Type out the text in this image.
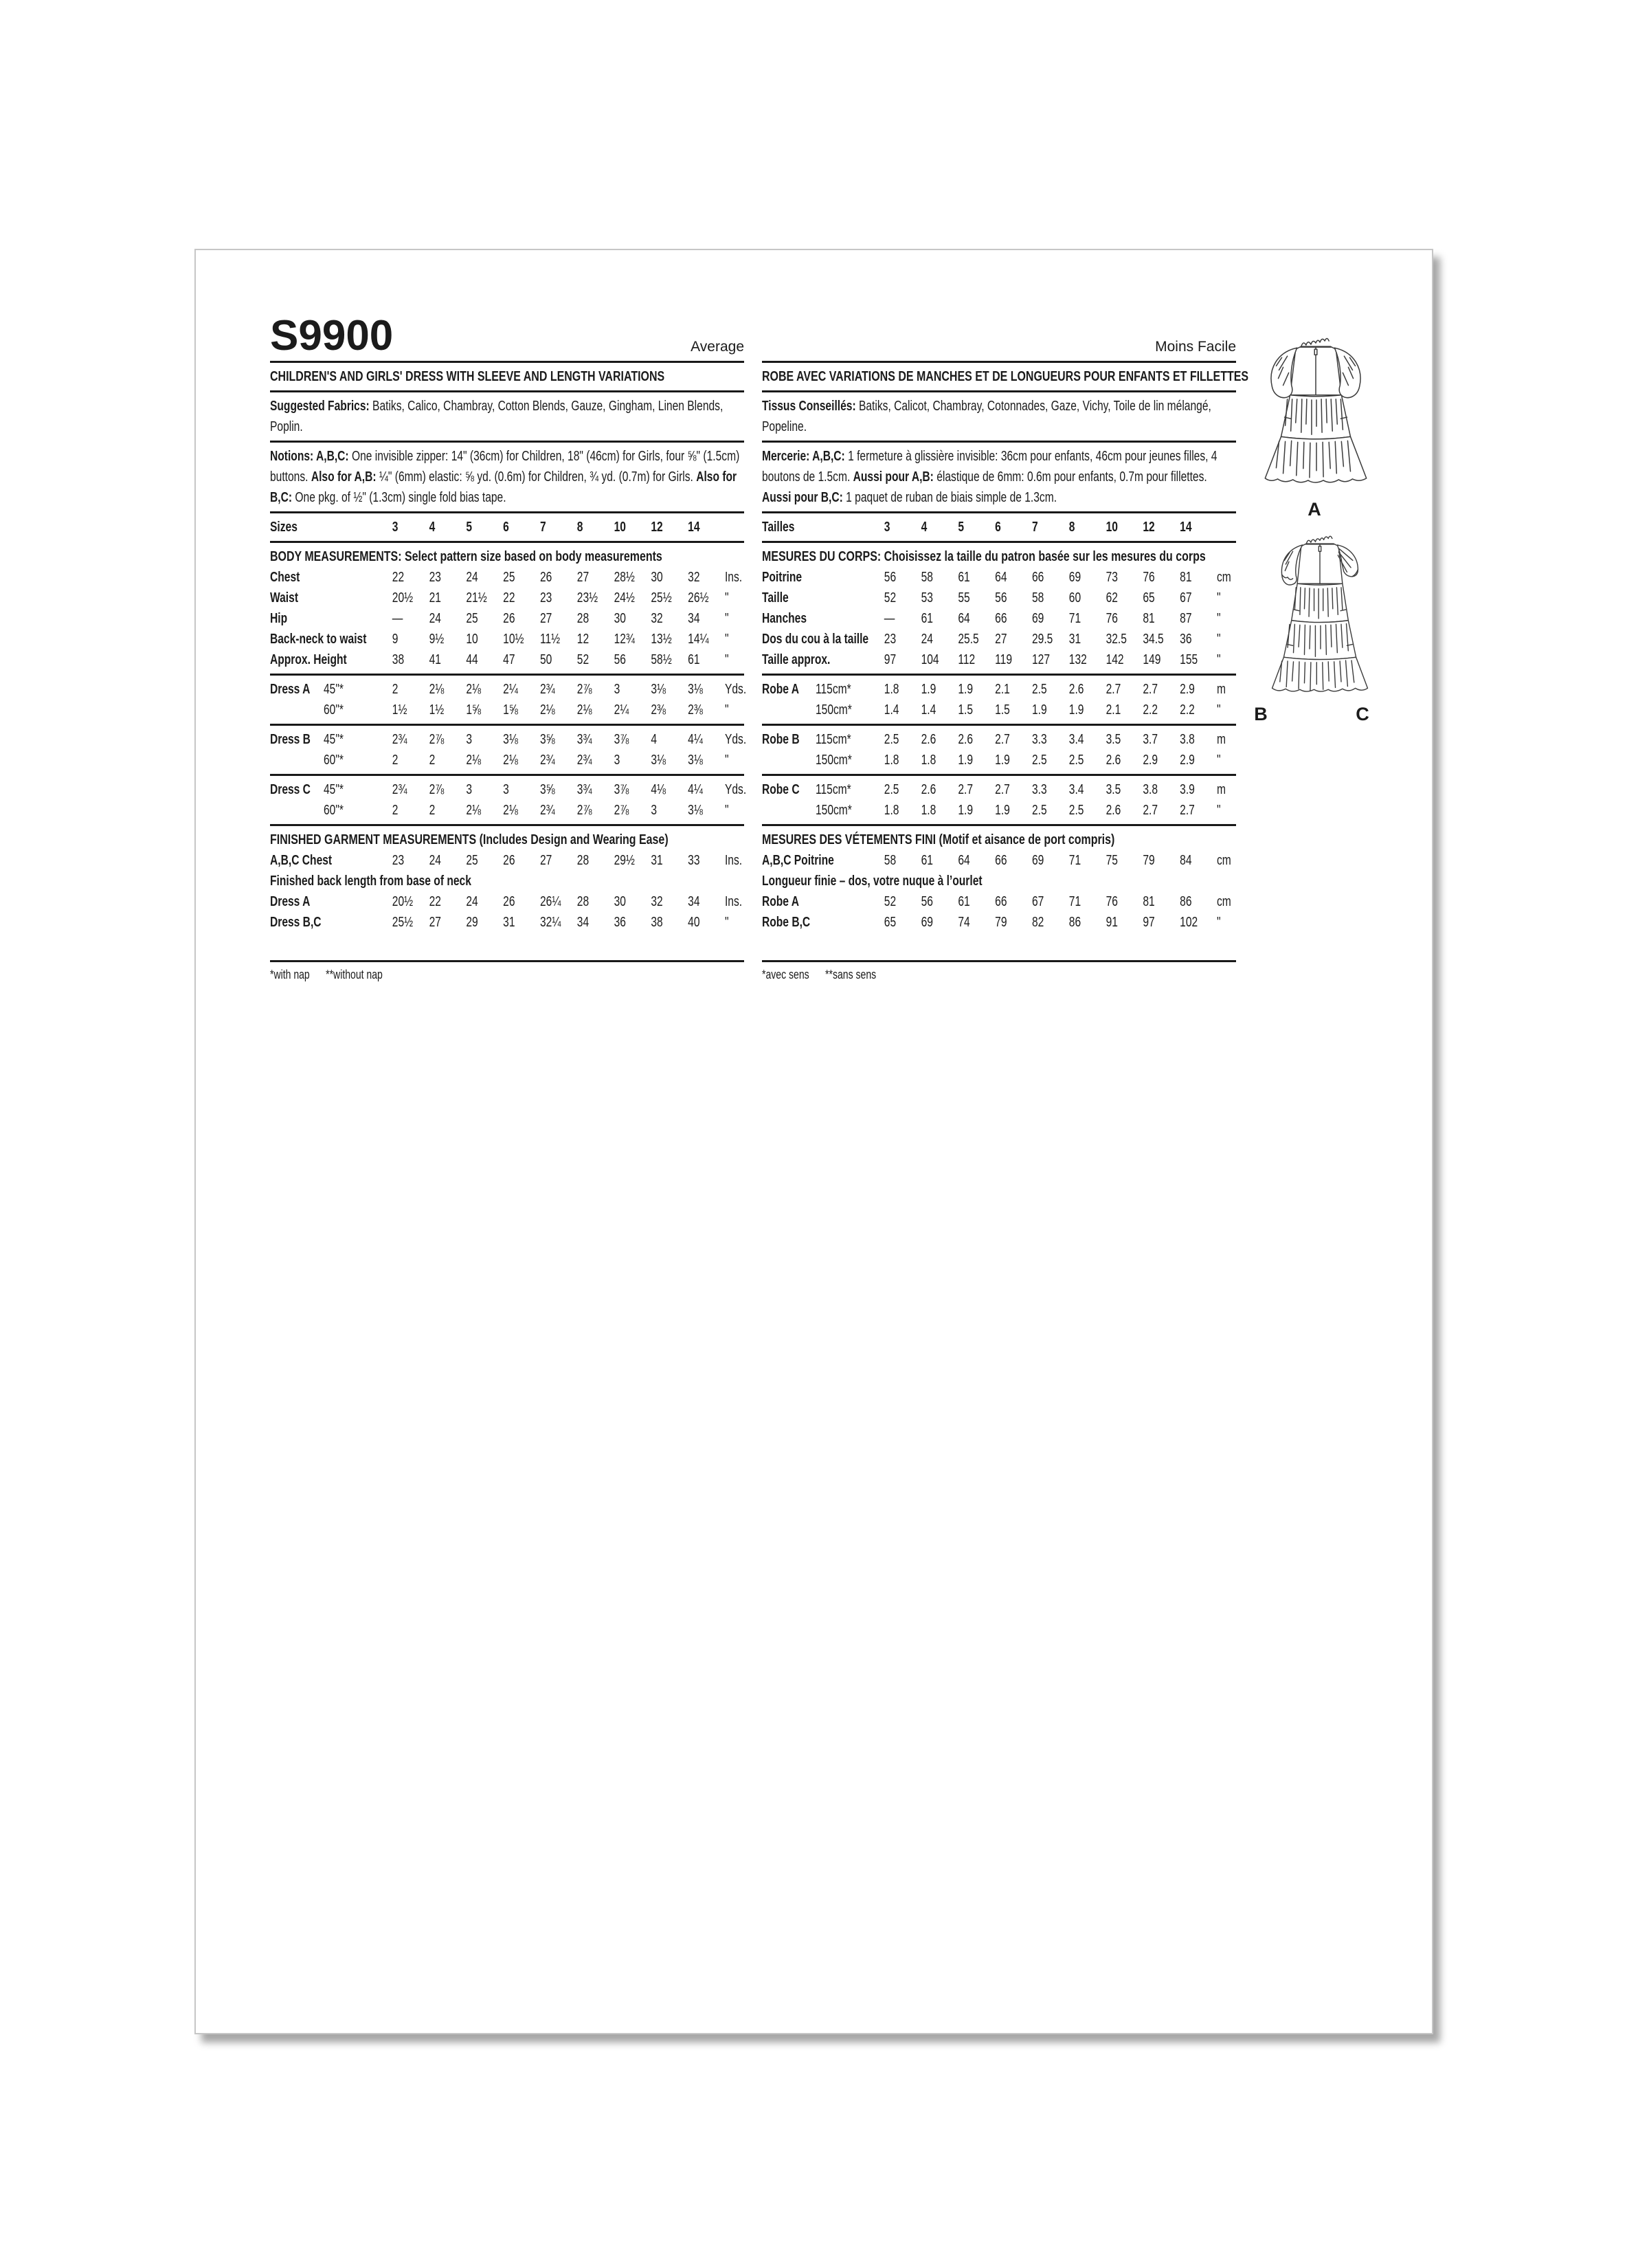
S9900	Average
CHILDREN'S AND GIRLS' DRESS WITH SLEEVE AND LENGTH VARIATIONS

Suggested Fabrics: Batiks, Calico, Chambray, Cotton Blends, Gauze, Gingham, Linen Blends, Poplin.

Notions: A,B,C: One invisible zipper: 14" (36cm) for Children, 18" (46cm) for Girls, four ⅝" (1.5cm) buttons. Also for A,B: ¼" (6mm) elastic: ⅝ yd. (0.6m) for Children, ¾ yd. (0.7m) for Girls. Also for B,C: One pkg. of ½" (1.3cm) single fold bias tape.

Sizes	3	4	5	6	7	8	10	12	14
BODY MEASUREMENTS: Select pattern size based on body measurements
Chest	22	23	24	25	26	27	28½	30	32	Ins.
Waist	20½	21	21½	22	23	23½	24½	25½	26½	"
Hip	—	24	25	26	27	28	30	32	34	"
Back-neck to waist	9	9½	10	10½	11½	12	12¾	13½	14¼	"
Approx. Height	38	41	44	47	50	52	56	58½	61	"
Dress A 45"*	2	2⅛	2⅛	2¼	2¾	2⅞	3	3⅛	3⅛	Yds.
60"*	1½	1½	1⅝	1⅝	2⅛	2⅛	2¼	2⅜	2⅜	"
Dress B 45"*	2¾	2⅞	3	3⅛	3⅝	3¾	3⅞	4	4¼	Yds.
60"*	2	2	2⅛	2⅛	2¾	2¾	3	3⅛	3⅛	"
Dress C 45"*	2¾	2⅞	3	3	3⅝	3¾	3⅞	4⅛	4¼	Yds.
60"*	2	2	2⅛	2⅛	2¾	2⅞	2⅞	3	3⅛	"
FINISHED GARMENT MEASUREMENTS (Includes Design and Wearing Ease)
A,B,C Chest	23	24	25	26	27	28	29½	31	33	Ins.
Finished back length from base of neck
Dress A	20½	22	24	26	26¼	28	30	32	34	Ins.
Dress B,C	25½	27	29	31	32¼	34	36	38	40	"
Moins Facile
ROBE AVEC VARIATIONS DE MANCHES ET DE LONGUEURS POUR ENFANTS ET FILLETTES

Tissus Conseillés: Batiks, Calicot, Chambray, Cotonnades, Gaze, Vichy, Toile de lin mélangé, Popeline.

Mercerie: A,B,C: 1 fermeture à glissière invisible: 36cm pour enfants, 46cm pour jeunes filles, 4 boutons de 1.5cm. Aussi pour A,B: élastique de 6mm: 0.6m pour enfants, 0.7m pour fillettes. Aussi pour B,C: 1 paquet de ruban de biais simple de 1.3cm.

Tailles	3	4	5	6	7	8	10	12	14
MESURES DU CORPS: Choisissez la taille du patron basée sur les mesures du corps
Poitrine	56	58	61	64	66	69	73	76	81	cm
Taille	52	53	55	56	58	60	62	65	67	"
Hanches	—	61	64	66	69	71	76	81	87	"
Dos du cou à la taille	23	24	25.5	27	29.5	31	32.5	34.5	36	"
Taille approx.	97	104	112	119	127	132	142	149	155	"
Robe A	115cm* 1.8	1.9	1.9	2.1	2.5	2.6	2.7	2.7	2.9	m
150cm* 1.4	1.4	1.5	1.5	1.9	1.9	2.1	2.2	2.2	"
Robe B	115cm* 2.5	2.6	2.6	2.7	3.3	3.4	3.5	3.7	3.8	m
150cm* 1.8	1.8	1.9	1.9	2.5	2.5	2.6	2.9	2.9	"
Robe C	115cm* 2.5	2.6	2.7	2.7	3.3	3.4	3.5	3.8	3.9	m
150cm* 1.8	1.8	1.9	1.9	2.5	2.5	2.6	2.7	2.7	"
MESURES DES VÉTEMENTS FINI (Motif et aisance de port compris)
A,B,C Poitrine	58	61	64	66	69	71	75	79	84	cm
Longueur finie – dos, votre nuque à l’ourlet
Robe A	52	56	61	66	67	71	76	81	86	cm
Robe B,C	65	69	74	79	82	86	91	97	102	"
*with nap **without nap	*avec sens **sans sens
A
B	C
